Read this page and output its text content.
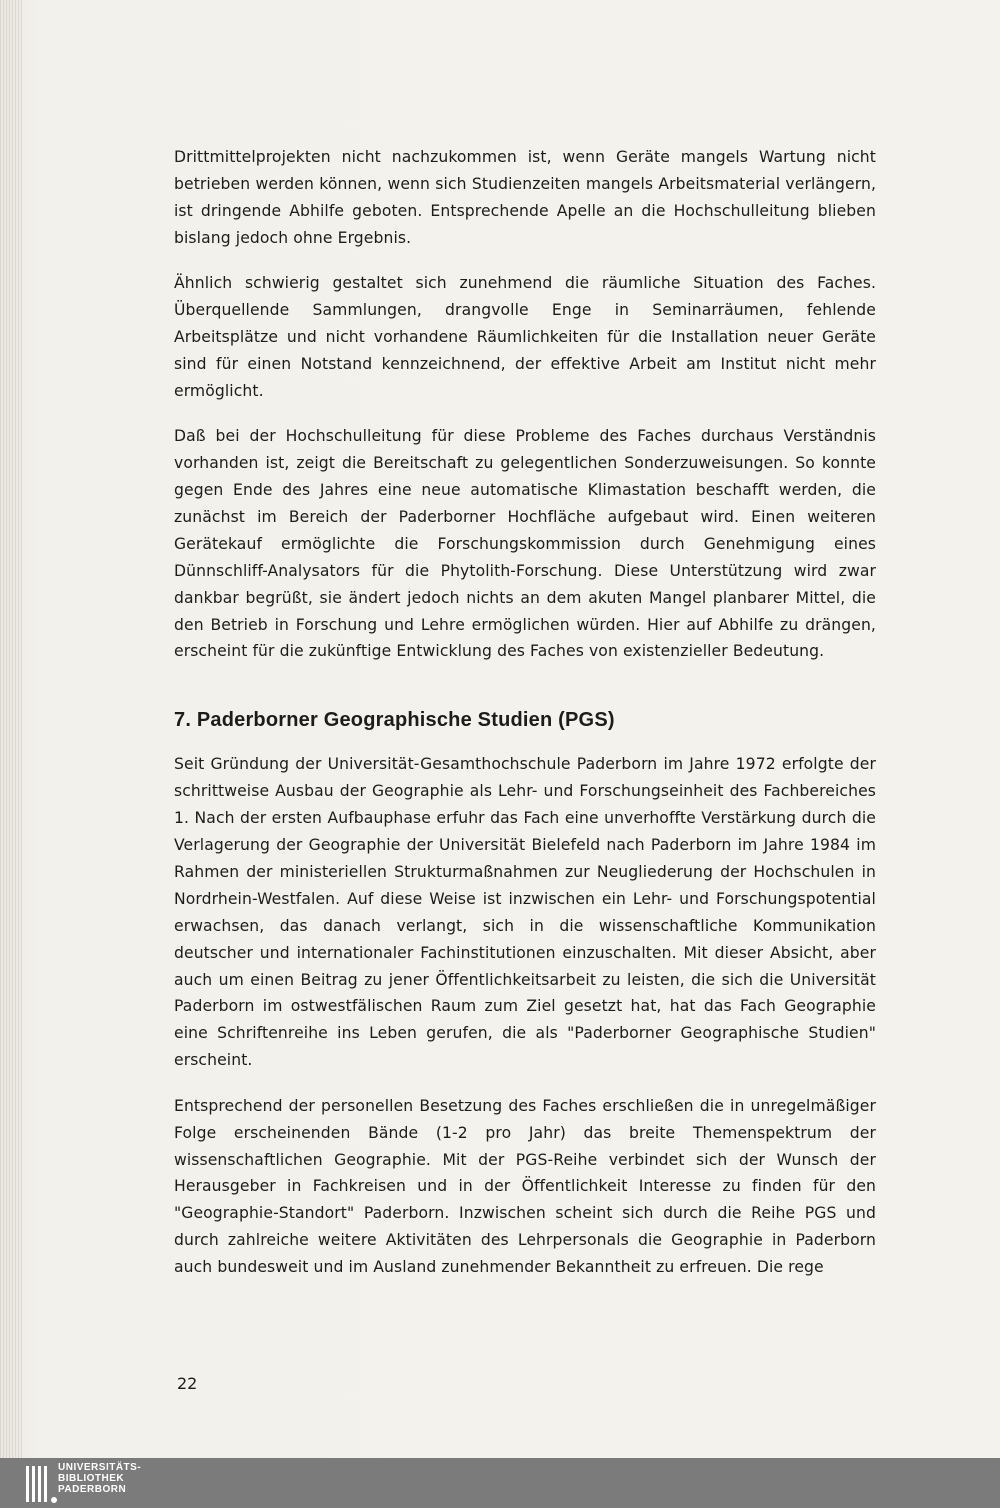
Drittmittelprojekten nicht nachzukommen ist, wenn Geräte mangels Wartung nicht betrieben werden können, wenn sich Studienzeiten mangels Arbeitsmaterial verlängern, ist dringende Abhilfe geboten. Entsprechende Apelle an die Hochschulleitung blieben bislang jedoch ohne Ergebnis.

Ähnlich schwierig gestaltet sich zunehmend die räumliche Situation des Faches. Überquellende Sammlungen, drangvolle Enge in Seminarräumen, fehlende Arbeitsplätze und nicht vorhandene Räumlichkeiten für die Installation neuer Geräte sind für einen Notstand kennzeichnend, der effektive Arbeit am Institut nicht mehr ermöglicht.

Daß bei der Hochschulleitung für diese Probleme des Faches durchaus Verständnis vorhanden ist, zeigt die Bereitschaft zu gelegentlichen Sonderzuweisungen. So konnte gegen Ende des Jahres eine neue automatische Klimastation beschafft werden, die zunächst im Bereich der Paderborner Hochfläche aufgebaut wird. Einen weiteren Gerätekauf ermöglichte die Forschungskommission durch Genehmigung eines Dünnschliff-Analysators für die Phytolith-Forschung. Diese Unterstützung wird zwar dankbar begrüßt, sie ändert jedoch nichts an dem akuten Mangel planbarer Mittel, die den Betrieb in Forschung und Lehre ermöglichen würden. Hier auf Abhilfe zu drängen, erscheint für die zukünftige Entwicklung des Faches von existenzieller Bedeutung.

7. Paderborner Geographische Studien (PGS)

Seit Gründung der Universität-Gesamthochschule Paderborn im Jahre 1972 erfolgte der schrittweise Ausbau der Geographie als Lehr- und Forschungseinheit des Fachbereiches 1. Nach der ersten Aufbauphase erfuhr das Fach eine unverhoffte Verstärkung durch die Verlagerung der Geographie der Universität Bielefeld nach Paderborn im Jahre 1984 im Rahmen der ministeriellen Strukturmaßnahmen zur Neugliederung der Hochschulen in Nordrhein-Westfalen. Auf diese Weise ist inzwischen ein Lehr- und Forschungspotential erwachsen, das danach verlangt, sich in die wissenschaftliche Kommunikation deutscher und internationaler Fachinstitutionen einzuschalten. Mit dieser Absicht, aber auch um einen Beitrag zu jener Öffentlichkeitsarbeit zu leisten, die sich die Universität Paderborn im ostwestfälischen Raum zum Ziel gesetzt hat, hat das Fach Geographie eine Schriftenreihe ins Leben gerufen, die als "Paderborner Geographische Studien" erscheint.

Entsprechend der personellen Besetzung des Faches erschließen die in unregelmäßiger Folge erscheinenden Bände (1-2 pro Jahr) das breite Themenspektrum der wissenschaftlichen Geographie. Mit der PGS-Reihe verbindet sich der Wunsch der Herausgeber in Fachkreisen und in der Öffentlichkeit Interesse zu finden für den "Geographie-Standort" Paderborn. Inzwischen scheint sich durch die Reihe PGS und durch zahlreiche weitere Aktivitäten des Lehrpersonals die Geographie in Paderborn auch bundesweit und im Ausland zunehmender Bekanntheit zu erfreuen. Die rege

22
UNIVERSITÄTS-
BIBLIOTHEK
PADERBORN
